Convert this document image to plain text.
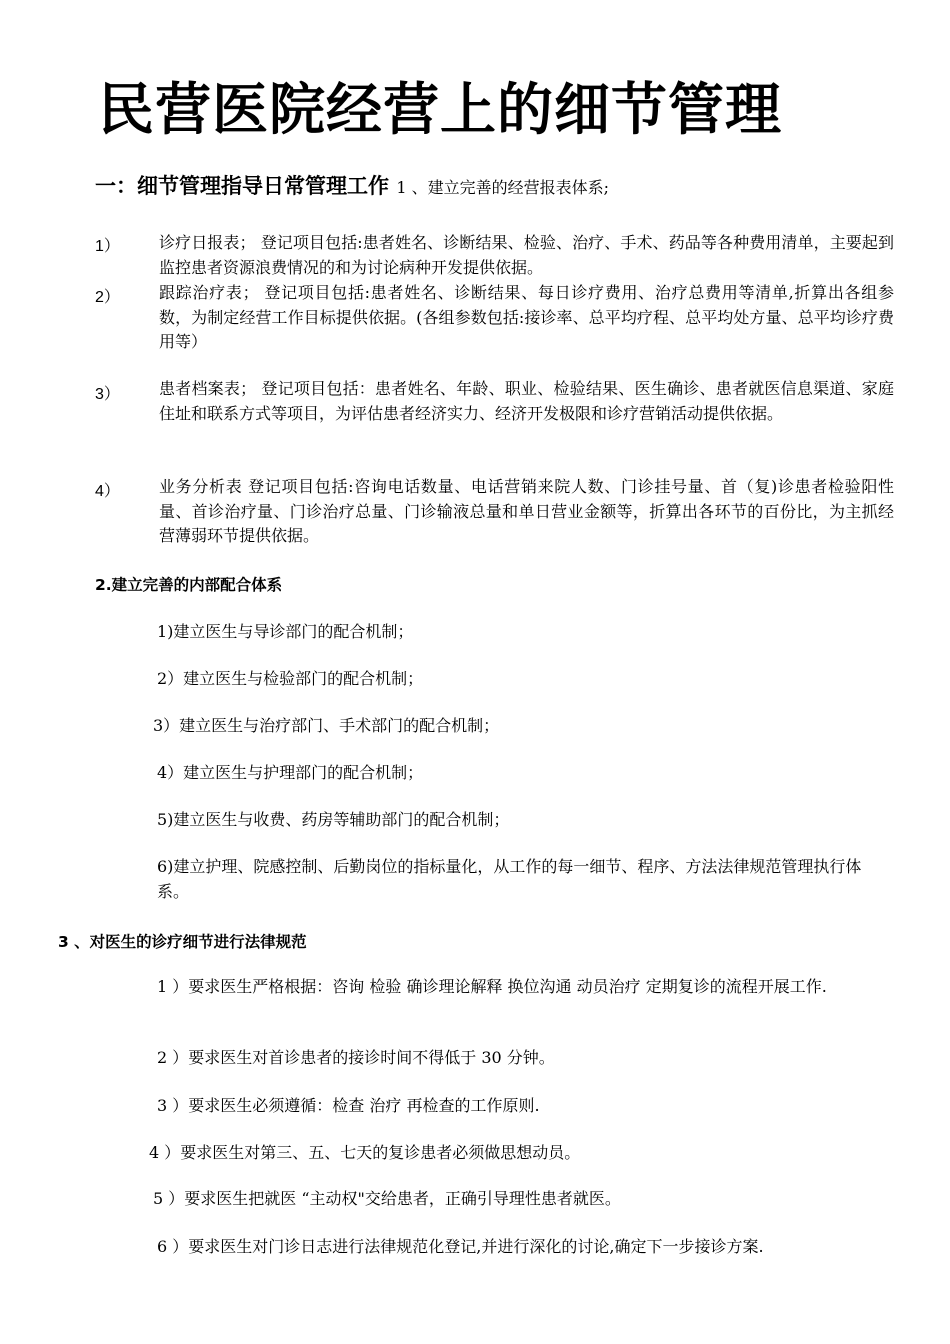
民营医院经营上的细节管理
一：细节管理指导日常管理工作 1 、建立完善的经营报表体系;
1） 诊疗日报表； 登记项目包括:患者姓名、诊断结果、检验、治疗、手术、药品等各种费用清单，主要起到监控患者资源浪费情况的和为讨论病种开发提供依据。
2） 跟踪治疗表； 登记项目包括:患者姓名、诊断结果、每日诊疗费用、治疗总费用等清单,折算出各组参数，为制定经营工作目标提供依据。(各组参数包括:接诊率、总平均疗程、总平均处方量、总平均诊疗费用等）
3） 患者档案表； 登记项目包括：患者姓名、年龄、职业、检验结果、医生确诊、患者就医信息渠道、家庭住址和联系方式等项目，为评估患者经济实力、经济开发极限和诊疗营销活动提供依据。
4） 业务分析表 登记项目包括:咨询电话数量、电话营销来院人数、门诊挂号量、首（复)诊患者检验阳性量、首诊治疗量、门诊治疗总量、门诊输液总量和单日营业金额等，折算出各环节的百份比，为主抓经营薄弱环节提供依据。
2.建立完善的内部配合体系
1)建立医生与导诊部门的配合机制；
2）建立医生与检验部门的配合机制；
3）建立医生与治疗部门、手术部门的配合机制；
4）建立医生与护理部门的配合机制；
5)建立医生与收费、药房等辅助部门的配合机制；
6)建立护理、院感控制、后勤岗位的指标量化，从工作的每一细节、程序、方法法律规范管理执行体系。
3 、对医生的诊疗细节进行法律规范
1 ）要求医生严格根据：咨询 检验 确诊理论解释 换位沟通 动员治疗 定期复诊的流程开展工作.
2 ）要求医生对首诊患者的接诊时间不得低于 30 分钟。
3 ）要求医生必须遵循：检查 治疗 再检查的工作原则.
4 ）要求医生对第三、五、七天的复诊患者必须做思想动员。
5 ）要求医生把就医 “主动权"交给患者，正确引导理性患者就医。
6 ）要求医生对门诊日志进行法律规范化登记,并进行深化的讨论,确定下一步接诊方案.
